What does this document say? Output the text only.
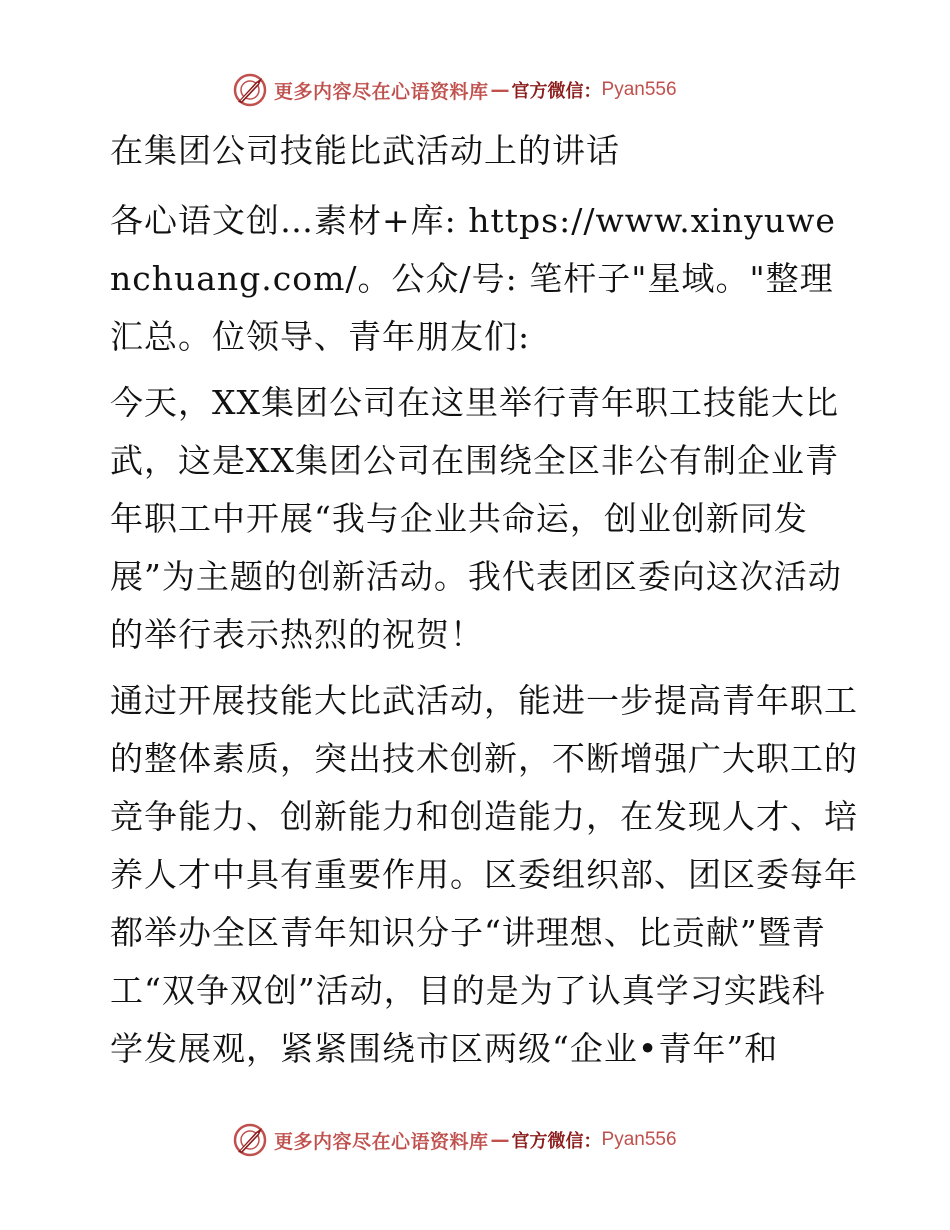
更多内容尽在心语资料库 — 官方微信： Pyan556

在集团公司技能比武活动上的讲话

各心语文创…素材+库: https://www.xinyuwenchuang.com/。公众/号: 笔杆子"星域。"整理汇总。位领导、青年朋友们:

今天，XX集团公司在这里举行青年职工技能大比武，这是XX集团公司在围绕全区非公有制企业青年职工中开展“我与企业共命运，创业创新同发展”为主题的创新活动。我代表团区委向这次活动的举行表示热烈的祝贺！

通过开展技能大比武活动，能进一步提高青年职工的整体素质，突出技术创新，不断增强广大职工的竞争能力、创新能力和创造能力，在发现人才、培养人才中具有重要作用。区委组织部、团区委每年都举办全区青年知识分子“讲理想、比贡献”暨青工“双争双创”活动，目的是为了认真学习实践科学发展观，紧紧围绕市区两级“企业•青年”和

更多内容尽在心语资料库 — 官方微信： Pyan556
